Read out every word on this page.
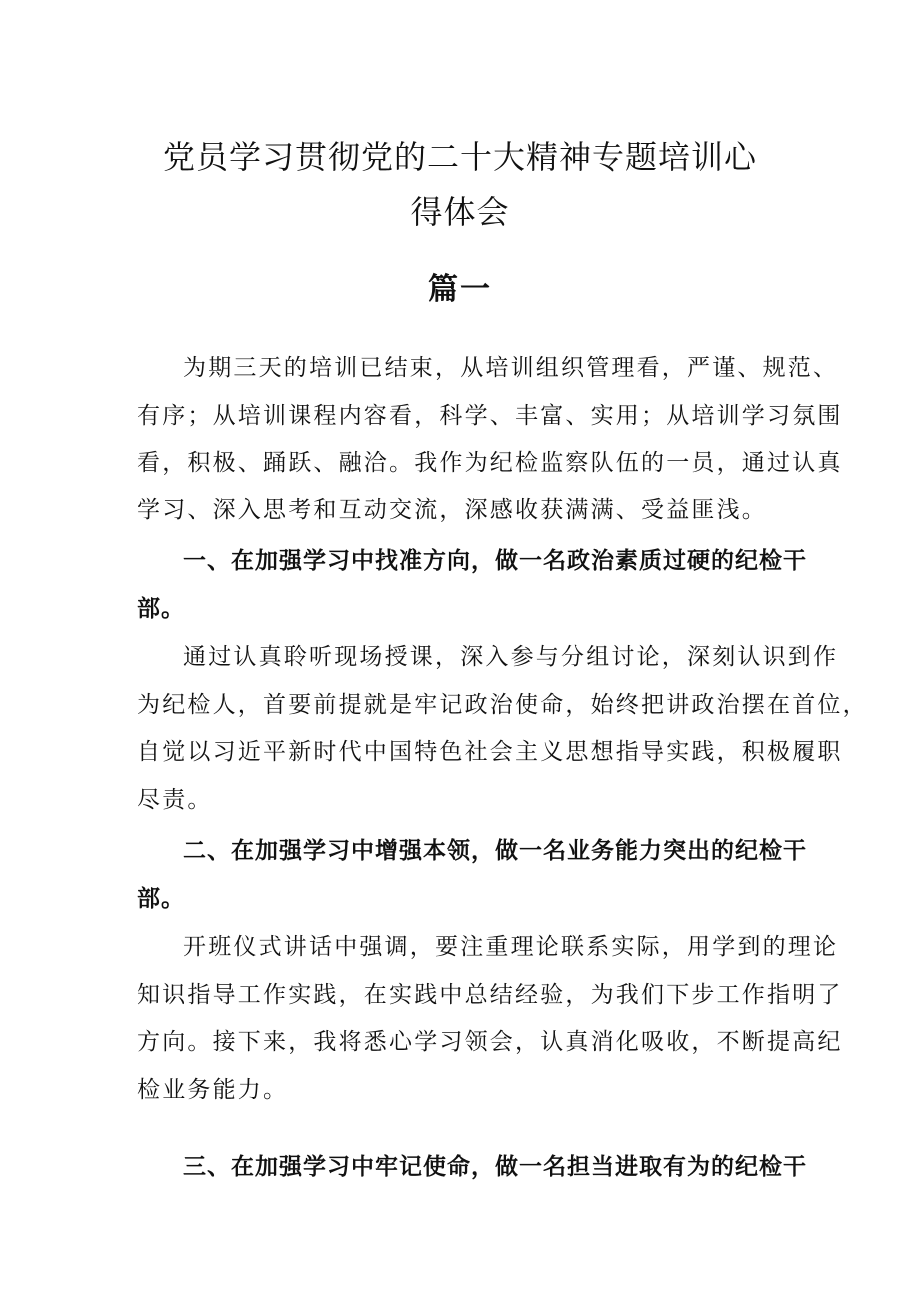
党员学习贯彻党的二十大精神专题培训心
得体会
篇一

为期三天的培训已结束，从培训组织管理看，严谨、规范、

有序；从培训课程内容看，科学、丰富、实用；从培训学习氛围

看，积极、踊跃、融洽。我作为纪检监察队伍的一员，通过认真

学习、深入思考和互动交流，深感收获满满、受益匪浅。

一、在加强学习中找准方向，做一名政治素质过硬的纪检干

部。

通过认真聆听现场授课，深入参与分组讨论，深刻认识到作

为纪检人，首要前提就是牢记政治使命，始终把讲政治摆在首位，

自觉以习近平新时代中国特色社会主义思想指导实践，积极履职

尽责。

二、在加强学习中增强本领，做一名业务能力突出的纪检干

部。

开班仪式讲话中强调，要注重理论联系实际，用学到的理论

知识指导工作实践，在实践中总结经验，为我们下步工作指明了

方向。接下来，我将悉心学习领会，认真消化吸收，不断提高纪

检业务能力。

三、在加强学习中牢记使命，做一名担当进取有为的纪检干
